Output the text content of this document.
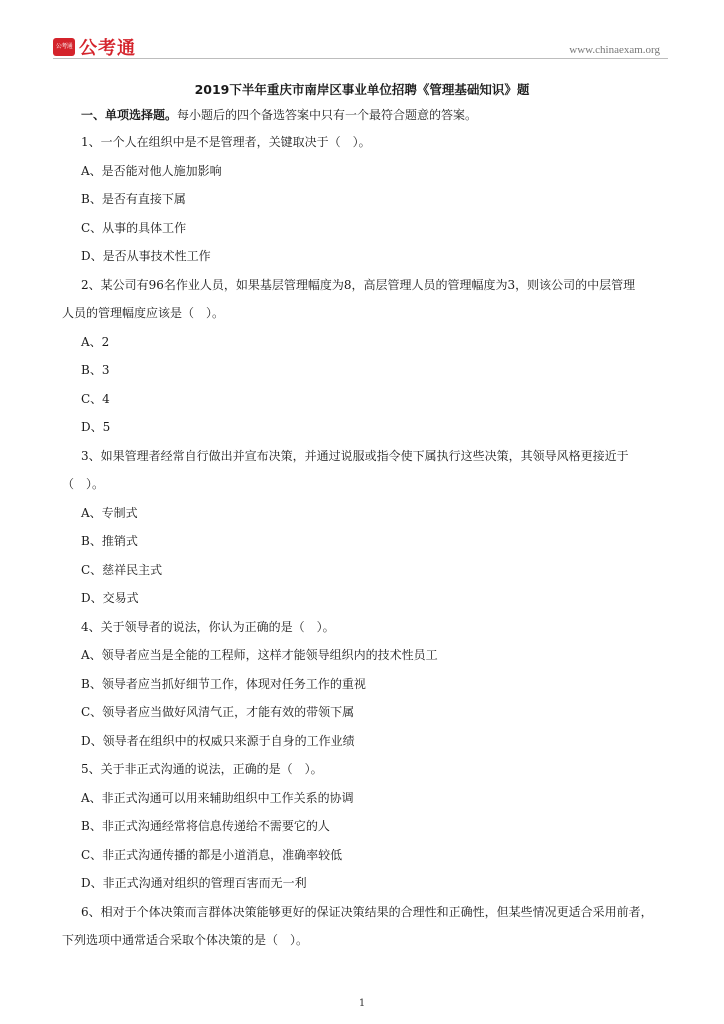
公考通 公考通	www.chinaexam.org
2019下半年重庆市南岸区事业单位招聘《管理基础知识》题
一、单项选择题。每小题后的四个备选答案中只有一个最符合题意的答案。
1、一个人在组织中是不是管理者，关键取决于（　）。
A、是否能对他人施加影响
B、是否有直接下属
C、从事的具体工作
D、是否从事技术性工作
2、某公司有96名作业人员，如果基层管理幅度为8，高层管理人员的管理幅度为3，则该公司的中层管理
人员的管理幅度应该是（　）。
A、2
B、3
C、4
D、5
3、如果管理者经常自行做出并宣布决策，并通过说服或指令使下属执行这些决策，其领导风格更接近于
（　）。
A、专制式
B、推销式
C、慈祥民主式
D、交易式
4、关于领导者的说法，你认为正确的是（　）。
A、领导者应当是全能的工程师，这样才能领导组织内的技术性员工
B、领导者应当抓好细节工作，体现对任务工作的重视
C、领导者应当做好风清气正，才能有效的带领下属
D、领导者在组织中的权威只来源于自身的工作业绩
5、关于非正式沟通的说法，正确的是（　）。
A、非正式沟通可以用来辅助组织中工作关系的协调
B、非正式沟通经常将信息传递给不需要它的人
C、非正式沟通传播的都是小道消息，准确率较低
D、非正式沟通对组织的管理百害而无一利
6、相对于个体决策而言群体决策能够更好的保证决策结果的合理性和正确性，但某些情况更适合采用前者，
下列选项中通常适合采取个体决策的是（　）。
1
